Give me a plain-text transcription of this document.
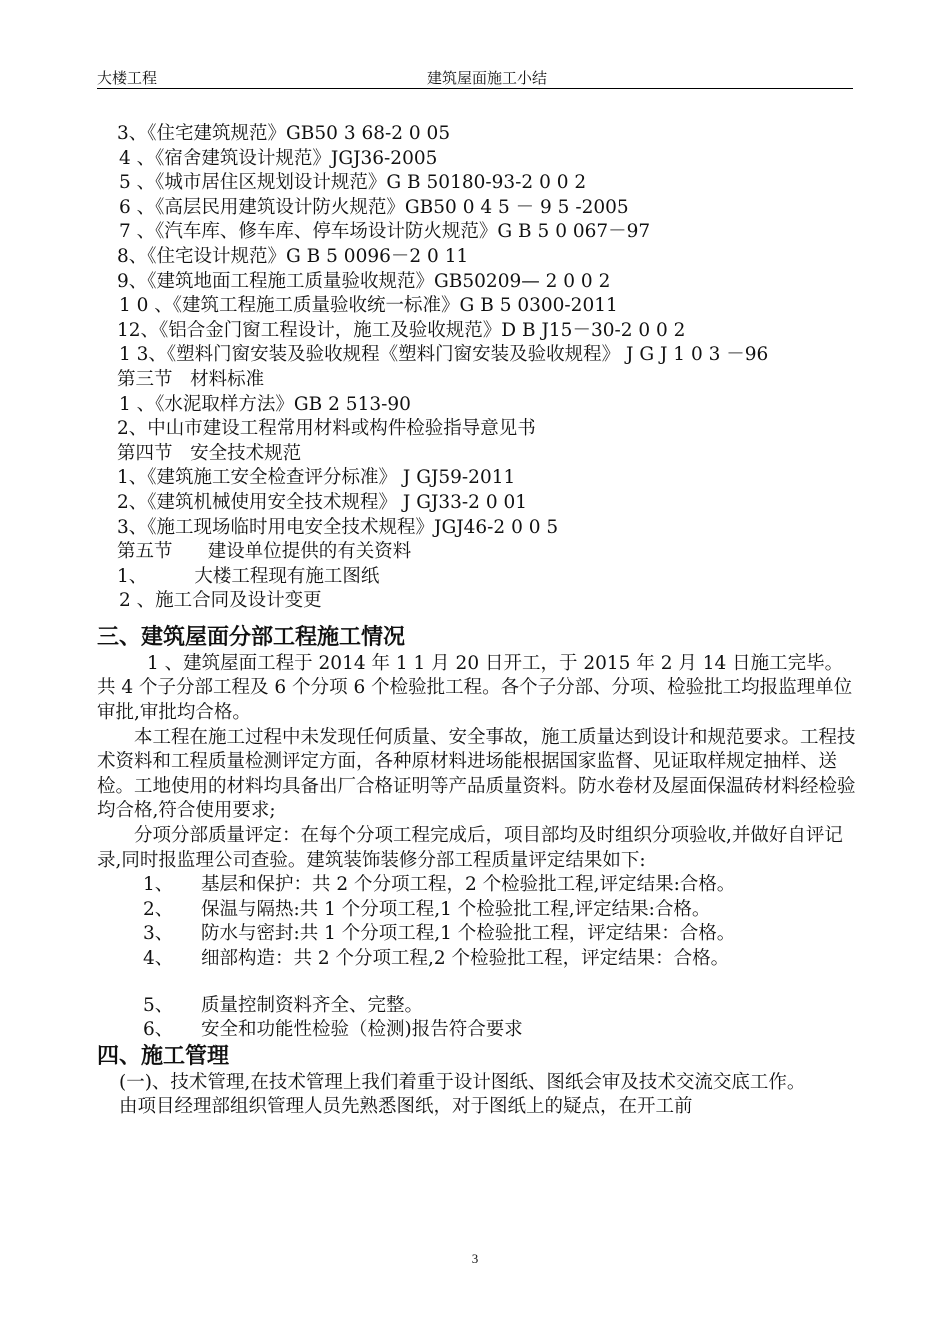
大楼工程	建筑屋面施工小结
3、《住宅建筑规范》GB50 3 68-2 0 05
4 、《宿舍建筑设计规范》JGJ36-2005
5 、《城市居住区规划设计规范》G B 50180-93-2 0 0 2
6 、《高层民用建筑设计防火规范》GB50 0 4 5 － 9 5 -2005
7 、《汽车库、修车库、停车场设计防火规范》G B 5 0 067－97
8、《住宅设计规范》G B 5 0096－2 0 11
9、《建筑地面工程施工质量验收规范》GB50209— 2 0 0 2
1 0 、《建筑工程施工质量验收统一标准》G B 5 0300-2011
12、《铝合金门窗工程设计，施工及验收规范》D B J15－30-2 0 0 2
1 3、《塑料门窗安装及验收规程《塑料门窗安装及验收规程》 J G J 1 0 3 －96
第三节   材料标准
1 、《水泥取样方法》GB 2 513-90
2、中山市建设工程常用材料或构件检验指导意见书
第四节   安全技术规范
1、《建筑施工安全检查评分标准》 J GJ59-2011
2、《建筑机械使用安全技术规程》 J GJ33-2 0 01
3、《施工现场临时用电安全技术规程》JGJ46-2 0 0 5
第五节      建设单位提供的有关资料
1、        大楼工程现有施工图纸
2 、施工合同及设计变更
三、建筑屋面分部工程施工情况
1 、建筑屋面工程于 2014 年 1 1 月 20 日开工，于 2015 年 2 月 14 日施工完毕。共 4 个子分部工程及 6 个分项 6 个检验批工程。各个子分部、分项、检验批工均报监理单位审批,审批均合格。
本工程在施工过程中未发现任何质量、安全事故，施工质量达到设计和规范要求。工程技术资料和工程质量检测评定方面，各种原材料进场能根据国家监督、见证取样规定抽样、送检。工地使用的材料均具备出厂合格证明等产品质量资料。防水卷材及屋面保温砖材料经检验均合格,符合使用要求;
分项分部质量评定：在每个分项工程完成后，项目部均及时组织分项验收,并做好自评记录,同时报监理公司查验。建筑装饰装修分部工程质量评定结果如下:
1、 基层和保护：共 2 个分项工程，2 个检验批工程,评定结果:合格。
2、 保温与隔热:共 1 个分项工程,1 个检验批工程,评定结果:合格。
3、 防水与密封:共 1 个分项工程,1 个检验批工程，评定结果：合格。
4、 细部构造：共 2 个分项工程,2 个检验批工程，评定结果：合格。
5、 质量控制资料齐全、完整。
6、 安全和功能性检验（检测)报告符合要求
四、施工管理
(一)、技术管理,在技术管理上我们着重于设计图纸、图纸会审及技术交流交底工作。
由项目经理部组织管理人员先熟悉图纸，对于图纸上的疑点，在开工前
3
